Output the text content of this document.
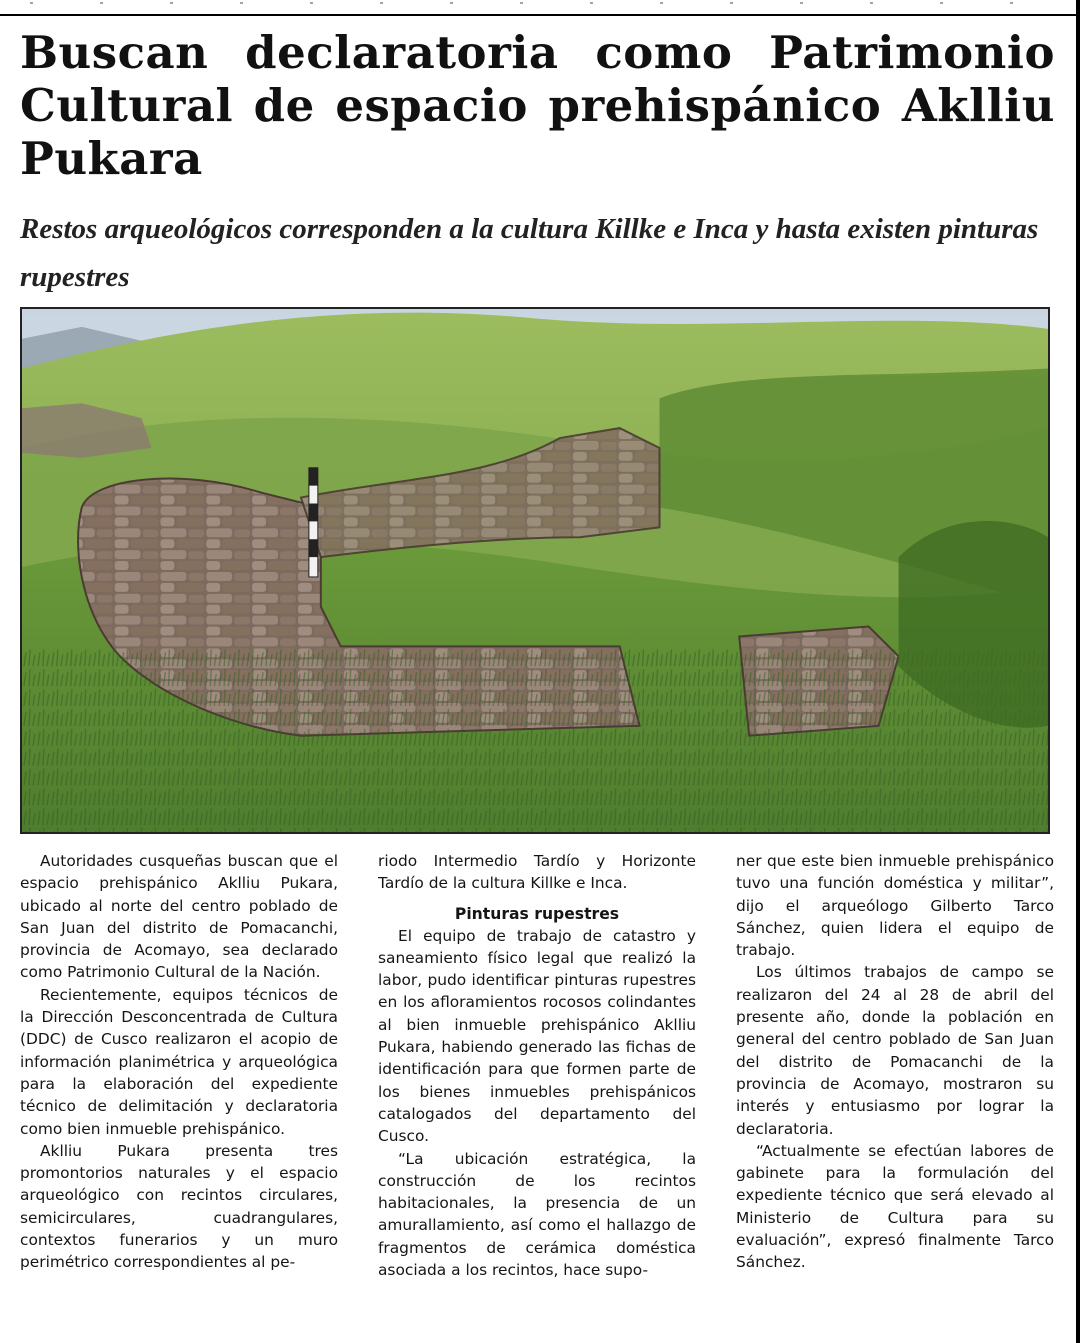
Buscan declaratoria como Patrimonio Cultural de espacio prehispánico Aklliu Pukara
Restos arqueológicos corresponden a la cultura Killke e Inca y hasta existen pinturas rupestres

Autoridades cusqueñas buscan que el espacio prehispánico Aklliu Pukara, ubicado al norte del centro poblado de San Juan del distrito de Pomacanchi, provincia de Acomayo, sea declarado como Patrimonio Cultural de la Nación.

Recientemente, equipos técnicos de la Dirección Desconcentrada de Cultura (DDC) de Cusco realizaron el acopio de información planimétrica y arqueológica para la elaboración del expediente técnico de delimitación y declaratoria como bien inmueble prehispánico.

Aklliu Pukara presenta tres promontorios naturales y el espacio arqueológico con recintos circulares, semicirculares, cuadrangulares, contextos funerarios y un muro perimétrico correspondientes al pe-

riodo Intermedio Tardío y Horizonte Tardío de la cultura Killke e Inca.

Pinturas rupestres

El equipo de trabajo de catastro y saneamiento físico legal que realizó la labor, pudo identificar pinturas rupestres en los afloramientos rocosos colindantes al bien inmueble prehispánico Aklliu Pukara, habiendo generado las fichas de identificación para que formen parte de los bienes inmuebles prehispánicos catalogados del departamento del Cusco.

“La ubicación estratégica, la construcción de los recintos habitacionales, la presencia de un amurallamiento, así como el hallazgo de fragmentos de cerámica doméstica asociada a los recintos, hace supo-

ner que este bien inmueble prehispánico tuvo una función doméstica y militar”, dijo el arqueólogo Gilberto Tarco Sánchez, quien lidera el equipo de trabajo.

Los últimos trabajos de campo se realizaron del 24 al 28 de abril del presente año, donde la población en general del centro poblado de San Juan del distrito de Pomacanchi de la provincia de Acomayo, mostraron su interés y entusiasmo por lograr la declaratoria.

“Actualmente se efectúan labores de gabinete para la formulación del expediente técnico que será elevado al Ministerio de Cultura para su evaluación”, expresó finalmente Tarco Sánchez.
